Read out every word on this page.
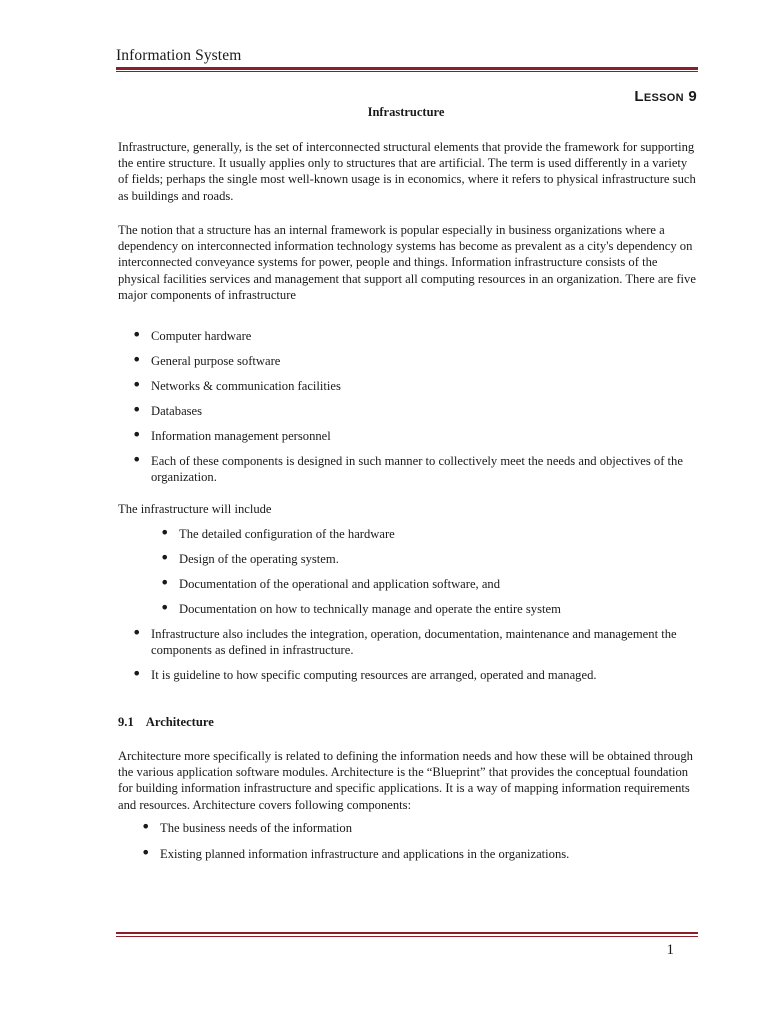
Information System
Lesson 9
Infrastructure

Infrastructure, generally, is the set of interconnected structural elements that provide the framework for supporting the entire structure. It usually applies only to structures that are artificial. The term is used differently in a variety of fields; perhaps the single most well-known usage is in economics, where it refers to physical infrastructure such as buildings and roads.

The notion that a structure has an internal framework is popular especially in business organizations where a dependency on interconnected information technology systems has become as prevalent as a city's dependency on interconnected conveyance systems for power, people and things. Information infrastructure consists of the physical facilities services and management that support all computing resources in an organization. There are five major components of infrastructure

• Computer hardware
• General purpose software
• Networks & communication facilities
• Databases
• Information management personnel
• Each of these components is designed in such manner to collectively meet the needs and objectives of the organization.

The infrastructure will include

• The detailed configuration of the hardware
• Design of the operating system.
• Documentation of the operational and application software, and
• Documentation on how to technically manage and operate the entire system
• Infrastructure also includes the integration, operation, documentation, maintenance and management the components as defined in infrastructure.
• It is guideline to how specific computing resources are arranged, operated and managed.
9.1 Architecture

Architecture more specifically is related to defining the information needs and how these will be obtained through the various application software modules. Architecture is the “Blueprint” that provides the conceptual foundation for building information infrastructure and specific applications. It is a way of mapping information requirements and resources. Architecture covers following components:

• The business needs of the information
• Existing planned information infrastructure and applications in the organizations.
1
